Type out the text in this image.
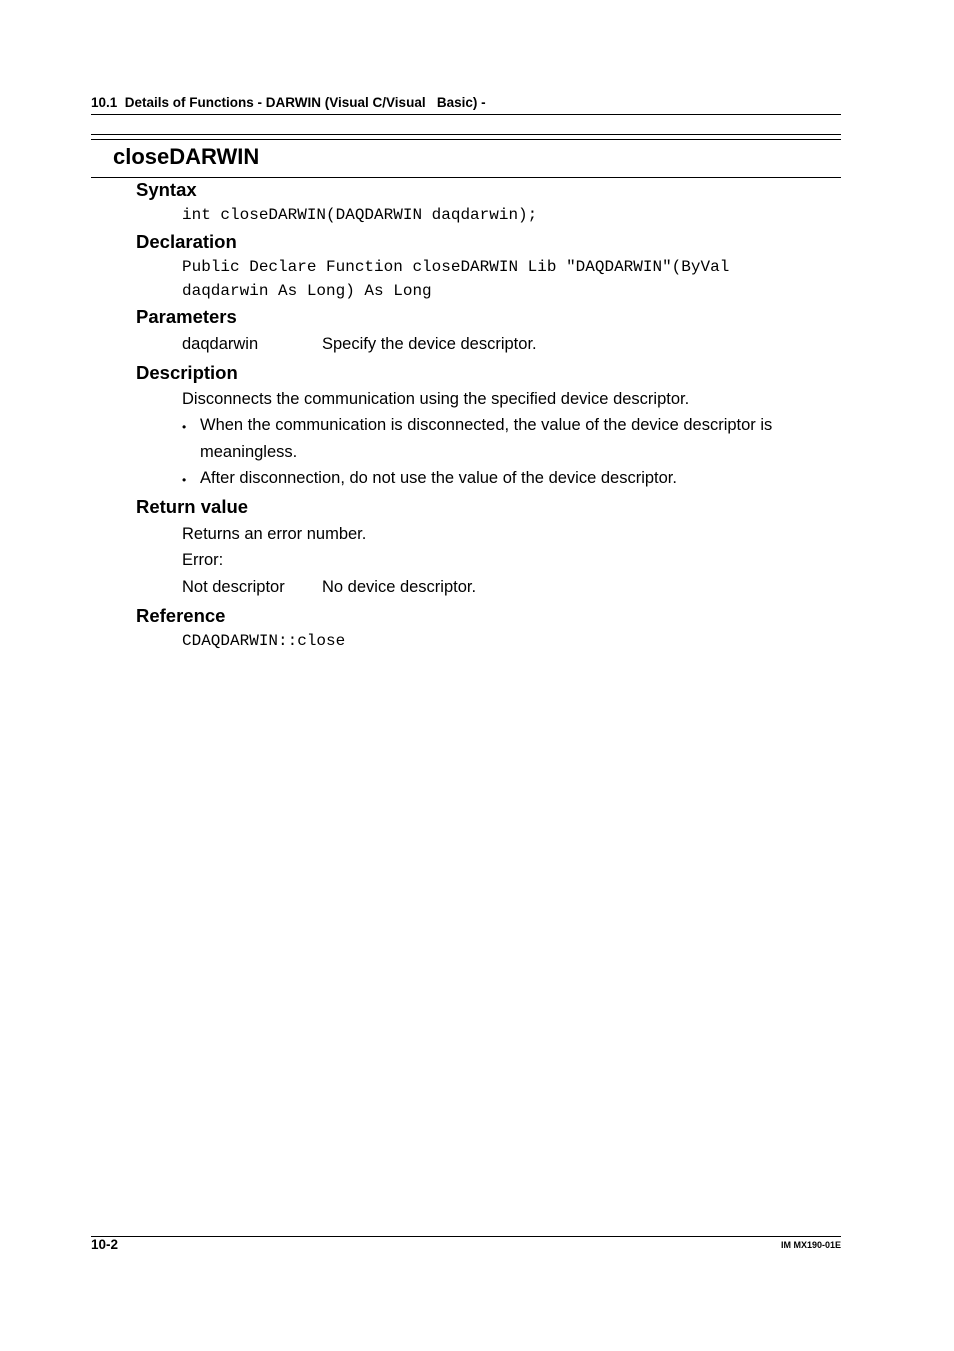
10.1  Details of Functions - DARWIN (Visual C/Visual   Basic) -
closeDARWIN
Syntax
int closeDARWIN(DAQDARWIN daqdarwin);
Declaration
Public Declare Function closeDARWIN Lib "DAQDARWIN"(ByVal
daqdarwin As Long) As Long
Parameters
daqdarwin	Specify the device descriptor.
Description
Disconnects the communication using the specified device descriptor.
• When the communication is disconnected, the value of the device descriptor is
meaningless.
• After disconnection, do not use the value of the device descriptor.
Return value
Returns an error number.
Error:
Not descriptor No device descriptor.
Reference
CDAQDARWIN::close
10-2	IM MX190-01E
